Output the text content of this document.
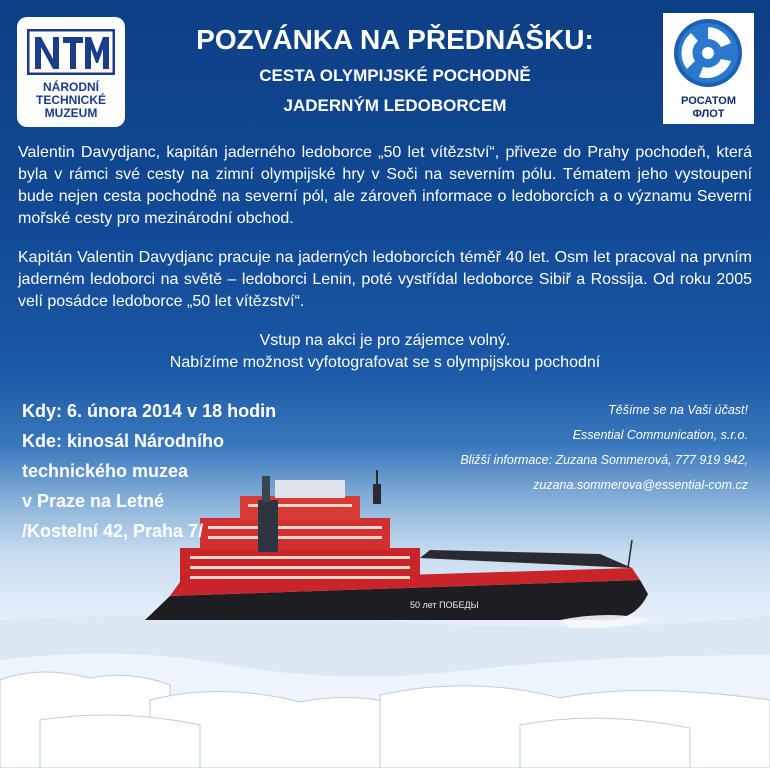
NÁRODNÍ
TECHNICKÉ
MUZEUM
РОСАТОМ
ФЛОТ
POZVÁNKA NA PŘEDNÁŠKU:
CESTA OLYMPIJSKÉ POCHODNĚ
JADERNÝM LEDOBORCEM
Valentin Davydjanc, kapitán jaderného ledoborce „50 let vítězství“, přiveze do Prahy pochodeň, která byla v rámci své cesty na zimní olympijské hry v Soči na severním pólu. Tématem jeho vystoupení bude nejen cesta pochodně na severní pól, ale zároveň informace o ledoborcích a o významu Severní mořské cesty pro mezinárodní obchod.
Kapitán Valentin Davydjanc pracuje na jaderných ledoborcích téměř 40 let. Osm let pracoval na prvním jaderném ledoborci na světě – ledoborci Lenin, poté vystřídal ledoborce Sibiř a Rossija. Od roku 2005 velí posádce ledoborce „50 let vítězství“.
Vstup na akci je pro zájemce volný.
Nabízíme možnost vyfotografovat se s olympijskou pochodní
50 лет ПОБЕДЫ
Kdy: 6. února 2014 v 18 hodin
Kde: kinosál Národního
technického muzea
v Praze na Letné
/Kostelní 42, Praha 7/
Těšíme se na Vaši účast!
Essential Communication, s.r.o.
Bližší informace: Zuzana Sommerová, 777 919 942,
zuzana.sommerova@essential-com.cz
